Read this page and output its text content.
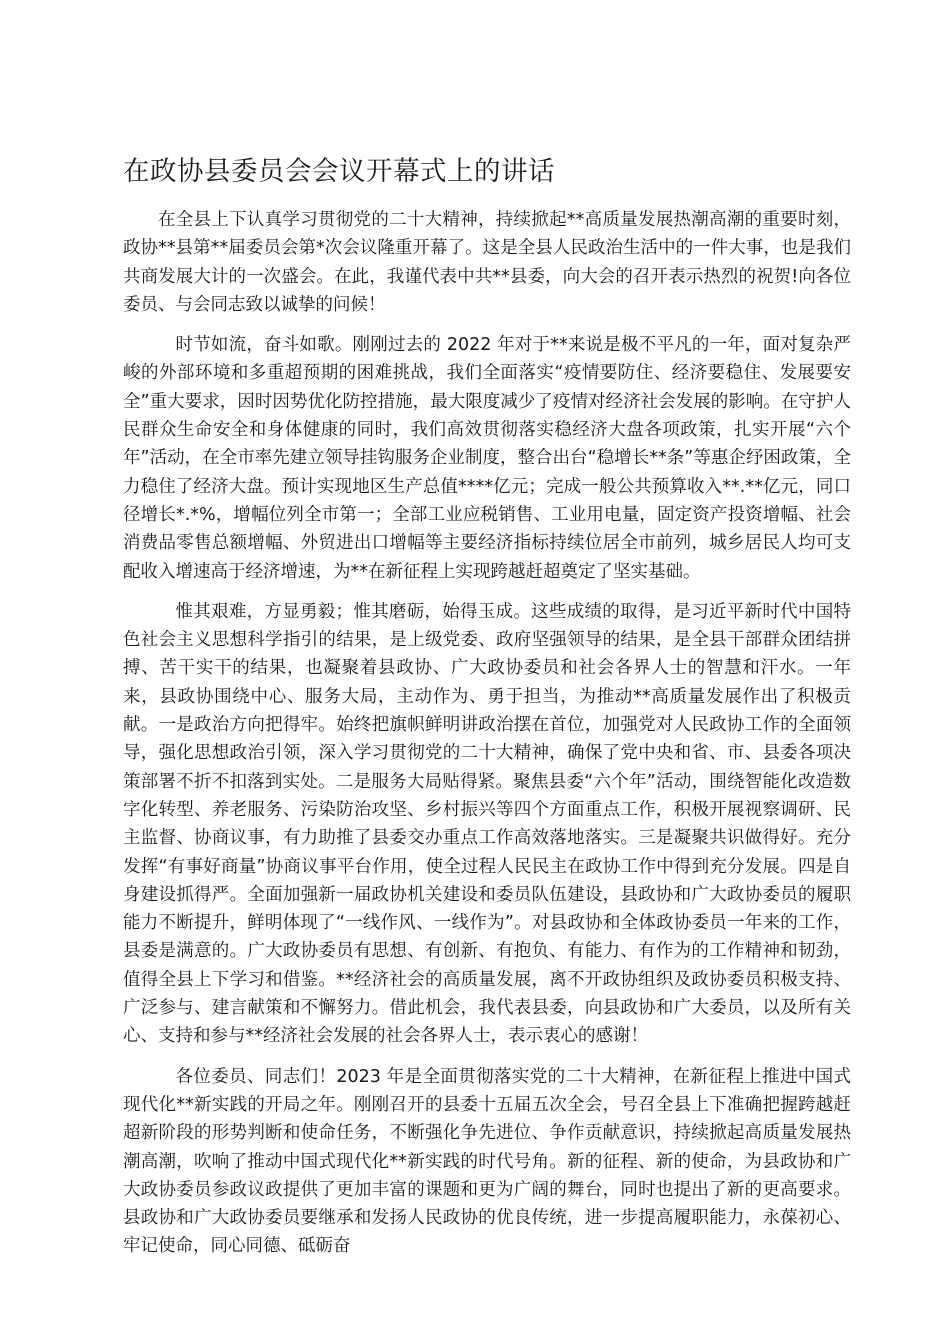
在政协县委员会会议开幕式上的讲话

在全县上下认真学习贯彻党的二十大精神，持续掀起**高质量发展热潮高潮的重要时刻，政协**县第**届委员会第*次会议隆重开幕了。这是全县人民政治生活中的一件大事，也是我们共商发展大计的一次盛会。在此，我谨代表中共**县委，向大会的召开表示热烈的祝贺!向各位委员、与会同志致以诚挚的问候！

时节如流，奋斗如歌。刚刚过去的 2022 年对于**来说是极不平凡的一年，面对复杂严峻的外部环境和多重超预期的困难挑战，我们全面落实“疫情要防住、经济要稳住、发展要安全”重大要求，因时因势优化防控措施，最大限度减少了疫情对经济社会发展的影响。在守护人民群众生命安全和身体健康的同时，我们高效贯彻落实稳经济大盘各项政策，扎实开展“六个年”活动，在全市率先建立领导挂钩服务企业制度，整合出台“稳增长**条”等惠企纾困政策，全力稳住了经济大盘。预计实现地区生产总值****亿元；完成一般公共预算收入**.**亿元，同口径增长*.*%，增幅位列全市第一；全部工业应税销售、工业用电量，固定资产投资增幅、社会消费品零售总额增幅、外贸进出口增幅等主要经济指标持续位居全市前列，城乡居民人均可支配收入增速高于经济增速，为**在新征程上实现跨越赶超奠定了坚实基础。

惟其艰难，方显勇毅；惟其磨砺，始得玉成。这些成绩的取得，是习近平新时代中国特色社会主义思想科学指引的结果，是上级党委、政府坚强领导的结果，是全县干部群众团结拼搏、苦干实干的结果，也凝聚着县政协、广大政协委员和社会各界人士的智慧和汗水。一年来，县政协围绕中心、服务大局，主动作为、勇于担当，为推动**高质量发展作出了积极贡献。一是政治方向把得牢。始终把旗帜鲜明讲政治摆在首位，加强党对人民政协工作的全面领导，强化思想政治引领，深入学习贯彻党的二十大精神，确保了党中央和省、市、县委各项决策部署不折不扣落到实处。二是服务大局贴得紧。聚焦县委“六个年”活动，围绕智能化改造数字化转型、养老服务、污染防治攻坚、乡村振兴等四个方面重点工作，积极开展视察调研、民主监督、协商议事，有力助推了县委交办重点工作高效落地落实。三是凝聚共识做得好。充分发挥“有事好商量”协商议事平台作用，使全过程人民民主在政协工作中得到充分发展。四是自身建设抓得严。全面加强新一届政协机关建设和委员队伍建设，县政协和广大政协委员的履职能力不断提升，鲜明体现了“一线作风、一线作为”。对县政协和全体政协委员一年来的工作，县委是满意的。广大政协委员有思想、有创新、有抱负、有能力、有作为的工作精神和韧劲，值得全县上下学习和借鉴。**经济社会的高质量发展，离不开政协组织及政协委员积极支持、广泛参与、建言献策和不懈努力。借此机会，我代表县委，向县政协和广大委员，以及所有关心、支持和参与**经济社会发展的社会各界人士，表示衷心的感谢！

各位委员、同志们！2023 年是全面贯彻落实党的二十大精神，在新征程上推进中国式现代化**新实践的开局之年。刚刚召开的县委十五届五次全会，号召全县上下准确把握跨越赶超新阶段的形势判断和使命任务，不断强化争先进位、争作贡献意识，持续掀起高质量发展热潮高潮，吹响了推动中国式现代化**新实践的时代号角。新的征程、新的使命，为县政协和广大政协委员参政议政提供了更加丰富的课题和更为广阔的舞台，同时也提出了新的更高要求。县政协和广大政协委员要继承和发扬人民政协的优良传统，进一步提高履职能力，永葆初心、牢记使命，同心同德、砥砺奋
